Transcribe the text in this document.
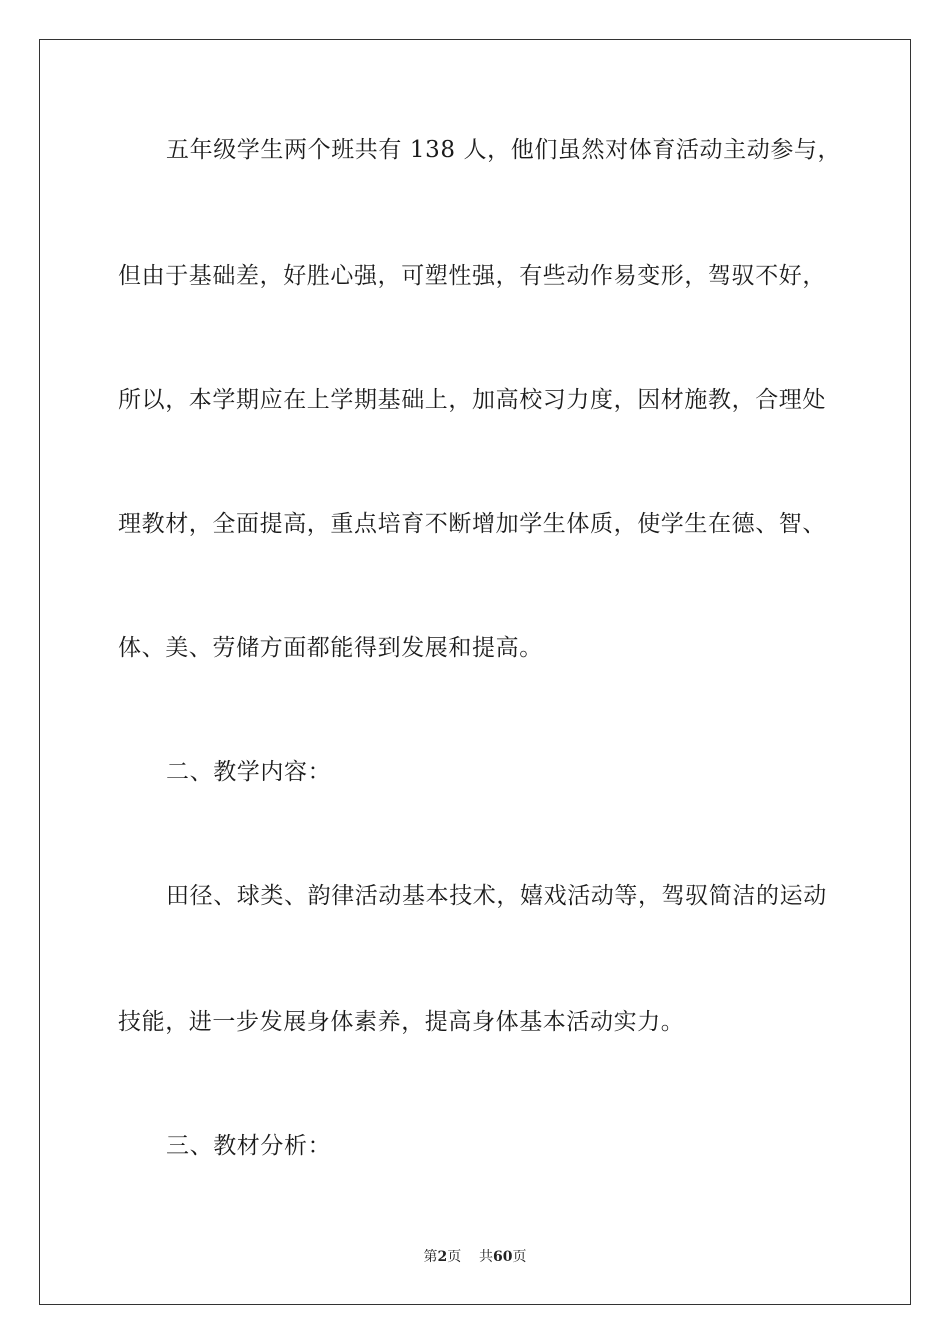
五年级学生两个班共有 138 人，他们虽然对体育活动主动参与，
但由于基础差，好胜心强，可塑性强，有些动作易变形，驾驭不好，
所以，本学期应在上学期基础上，加高校习力度，因材施教，合理处
理教材，全面提高，重点培育不断增加学生体质，使学生在德、智、
体、美、劳储方面都能得到发展和提高。
二、教学内容：
田径、球类、韵律活动基本技术，嬉戏活动等，驾驭简洁的运动
技能，进一步发展身体素养，提高身体基本活动实力。
三、教材分析：
第2页 共60页
